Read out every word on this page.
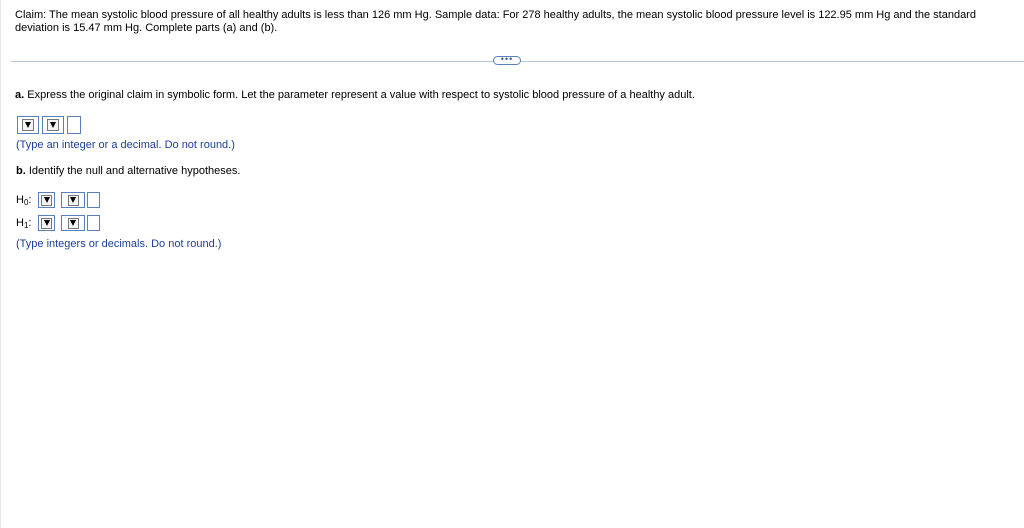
Claim: The mean systolic blood pressure of all healthy adults is less than 126 mm Hg. Sample data: For 278 healthy adults, the mean systolic blood pressure level is 122.95 mm Hg and the standard deviation is 15.47 mm Hg. Complete parts (a) and (b).
•••
a. Express the original claim in symbolic form. Let the parameter represent a value with respect to systolic blood pressure of a healthy adult.
(Type an integer or a decimal. Do not round.)
b. Identify the null and alternative hypotheses.
$H_0$:
$H_1$:
(Type integers or decimals. Do not round.)
